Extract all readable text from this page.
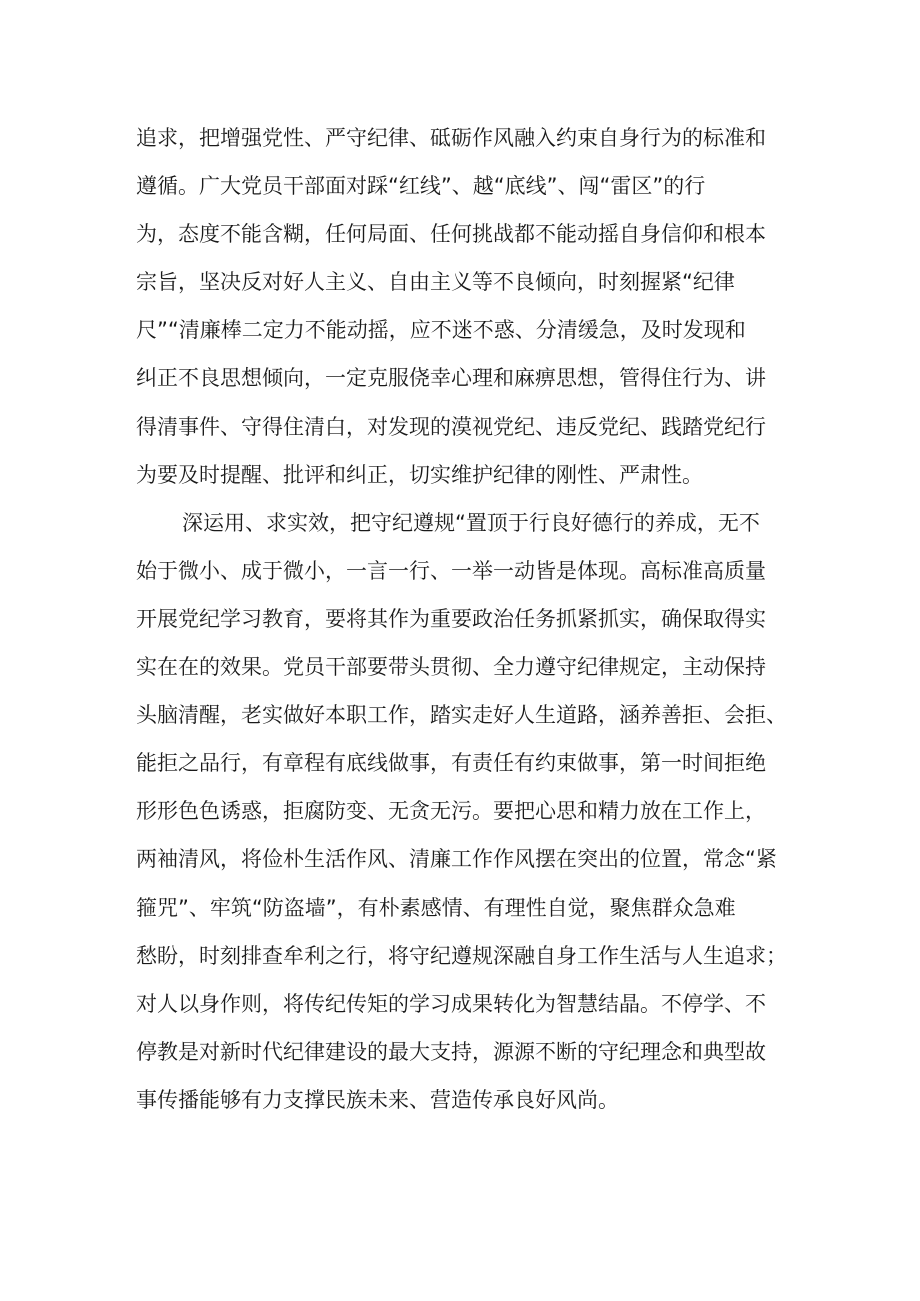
追求，把增强党性、严守纪律、砥砺作风融入约束自身行为的标准和
遵循。广大党员干部面对踩“红线”、越“底线”、闯“雷区”的行
为，态度不能含糊，任何局面、任何挑战都不能动摇自身信仰和根本
宗旨，坚决反对好人主义、自由主义等不良倾向，时刻握紧“纪律
尺”“清廉棒二定力不能动摇，应不迷不惑、分清缓急，及时发现和
纠正不良思想倾向，一定克服侥幸心理和麻痹思想，管得住行为、讲
得清事件、守得住清白，对发现的漠视党纪、违反党纪、践踏党纪行
为要及时提醒、批评和纠正，切实维护纪律的刚性、严肃性。
深运用、求实效，把守纪遵规“置顶于行良好德行的养成，无不
始于微小、成于微小，一言一行、一举一动皆是体现。高标准高质量
开展党纪学习教育，要将其作为重要政治任务抓紧抓实，确保取得实
实在在的效果。党员干部要带头贯彻、全力遵守纪律规定，主动保持
头脑清醒，老实做好本职工作，踏实走好人生道路，涵养善拒、会拒、
能拒之品行，有章程有底线做事，有责任有约束做事，第一时间拒绝
形形色色诱惑，拒腐防变、无贪无污。要把心思和精力放在工作上，
两袖清风，将俭朴生活作风、清廉工作作风摆在突出的位置，常念“紧
箍咒”、牢筑“防盗墙”，有朴素感情、有理性自觉，聚焦群众急难
愁盼，时刻排查牟利之行，将守纪遵规深融自身工作生活与人生追求；
对人以身作则，将传纪传矩的学习成果转化为智慧结晶。不停学、不
停教是对新时代纪律建设的最大支持，源源不断的守纪理念和典型故
事传播能够有力支撑民族未来、营造传承良好风尚。
